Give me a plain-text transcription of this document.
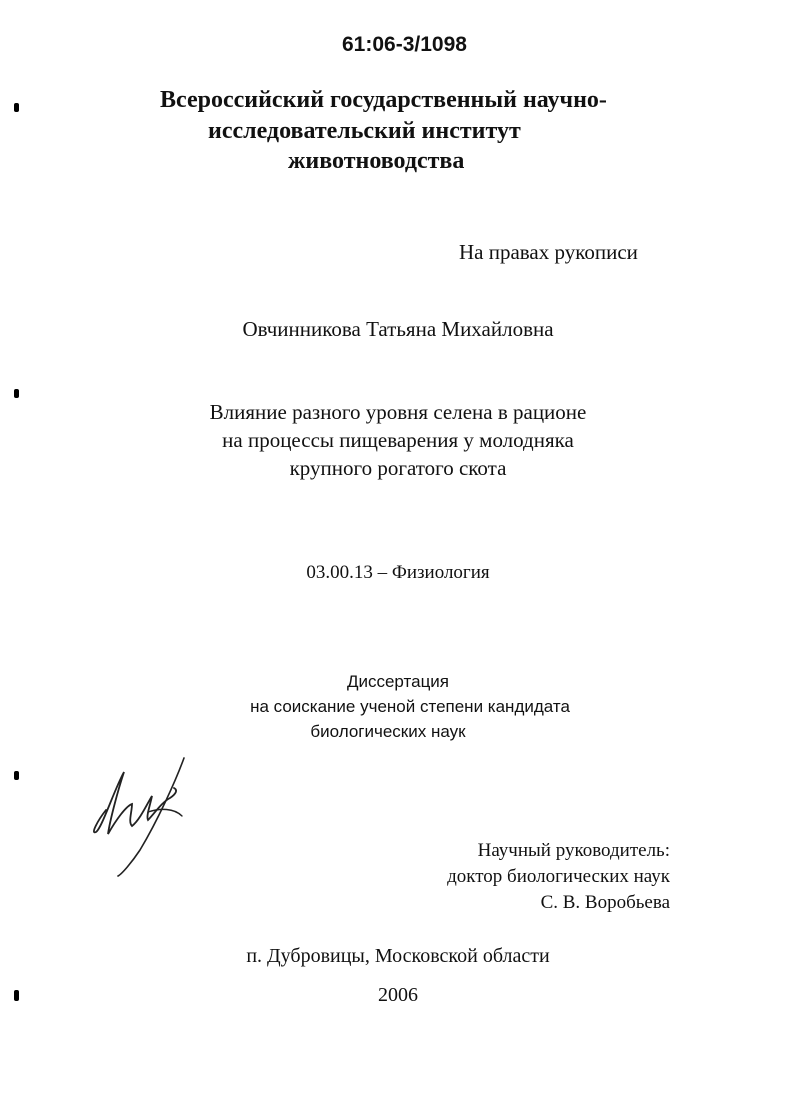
61:06-3/1098
Всероссийский государственный научно-
исследовательский институт
животноводства
На правах рукописи
Овчинникова Татьяна Михайловна
Влияние разного уровня селена в рационе
на процессы пищеварения у молодняка
крупного рогатого скота
03.00.13 – Физиология
Диссертация
на соискание ученой степени кандидата
биологических наук
Научный руководитель:
доктор биологических наук
С. В. Воробьева
п. Дубровицы, Московской области
2006
